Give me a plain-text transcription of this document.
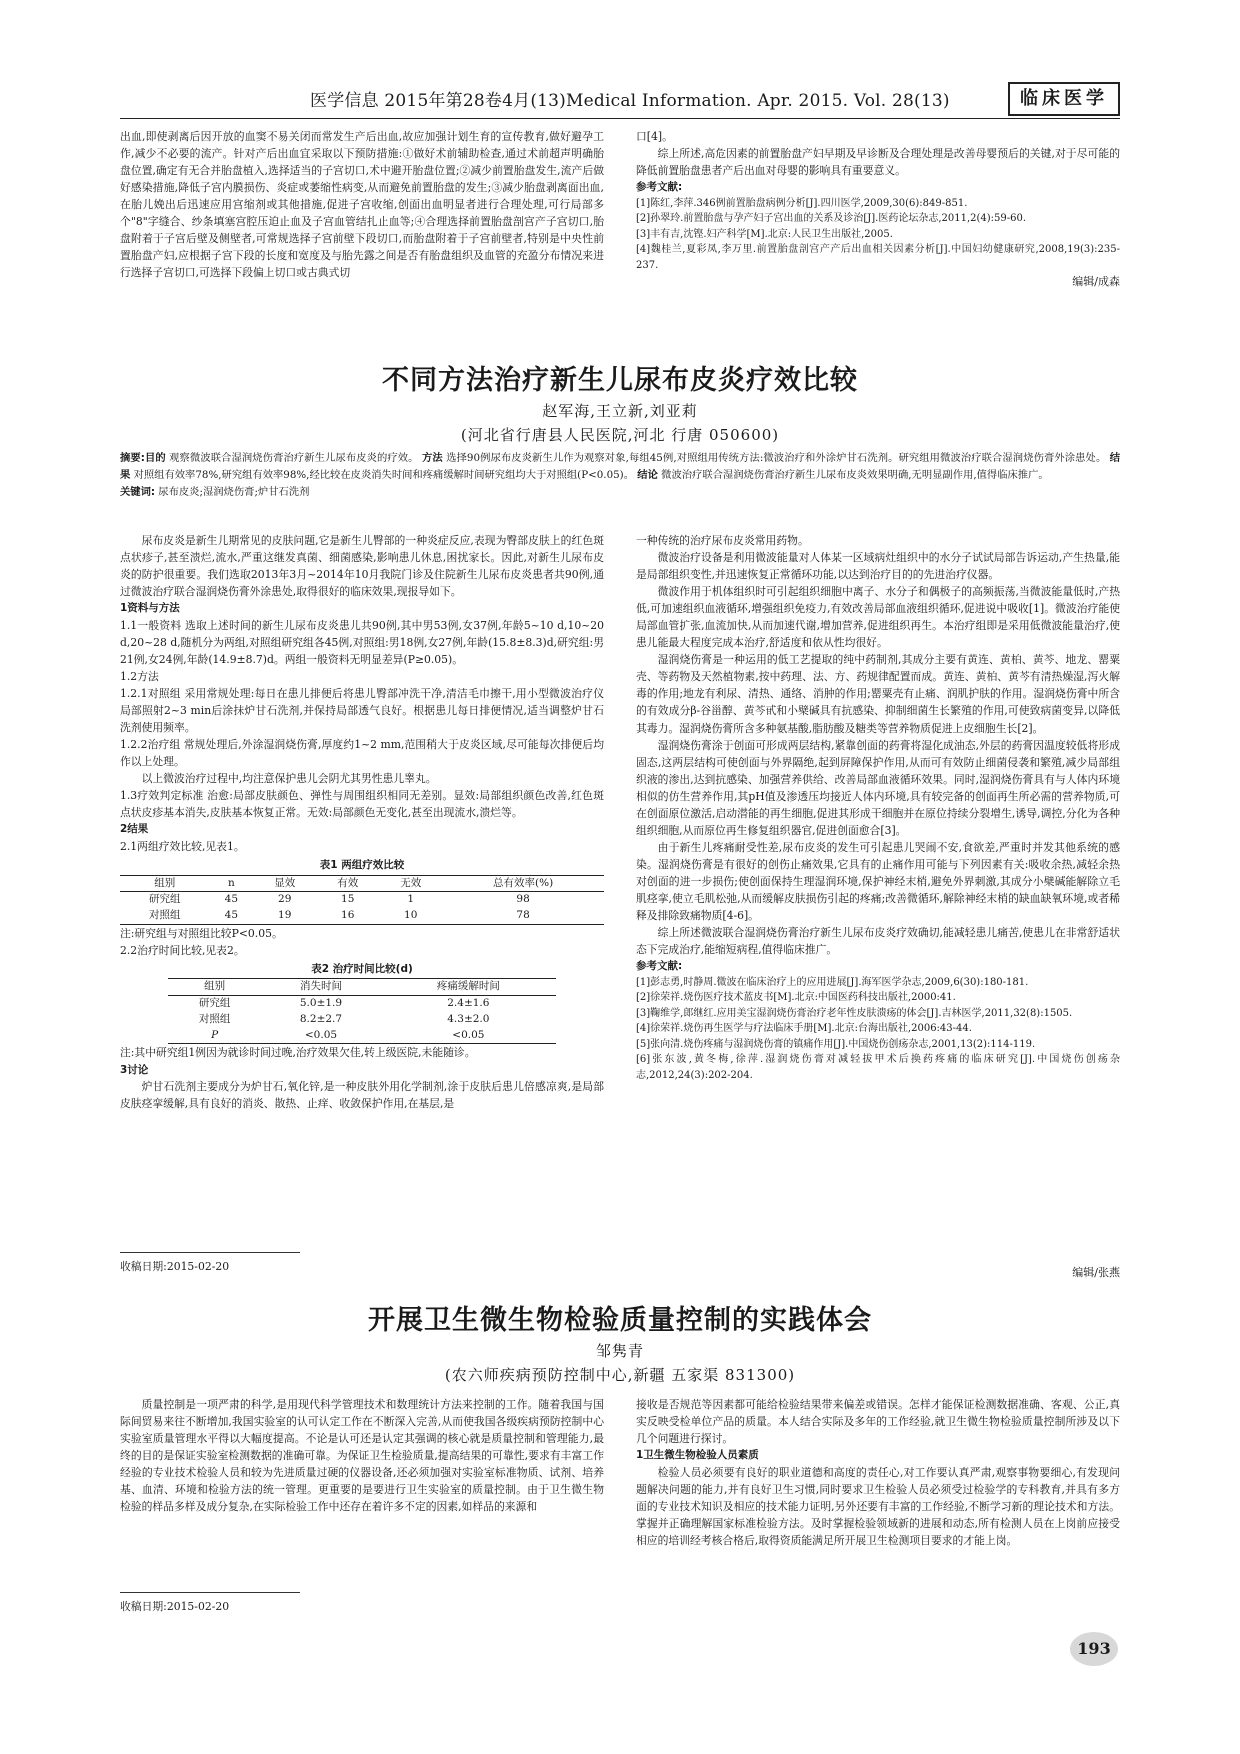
医学信息 2015年第28卷4月(13)Medical Information. Apr. 2015. Vol. 28(13)	临床医学

出血,即使剥离后因开放的血窦不易关闭而常发生产后出血,故应加强计划生育的宣传教育,做好避孕工作,减少不必要的流产。针对产后出血宜采取以下预防措施:①做好术前辅助检查,通过术前超声明确胎盘位置,确定有无合并胎盘植入,选择适当的子宫切口,术中避开胎盘位置;②减少前置胎盘发生,流产后做好感染措施,降低子宫内膜损伤、炎症或萎缩性病变,从而避免前置胎盘的发生;③减少胎盘剥离面出血,在胎儿娩出后迅速应用宫缩剂或其他措施,促进子宫收缩,创面出血明显者进行合理处理,可行局部多个"8"字缝合、纱条填塞宫腔压迫止血及子宫血管结扎止血等;④合理选择前置胎盘剖宫产子宫切口,胎盘附着于子宫后壁及侧壁者,可常规选择子宫前壁下段切口,而胎盘附着于子宫前壁者,特别是中央性前置胎盘产妇,应根据子宫下段的长度和宽度及与胎先露之间是否有胎盘组织及血管的充盈分布情况来进行选择子宫切口,可选择下段偏上切口或古典式切

口[4]。

综上所述,高危因素的前置胎盘产妇早期及早诊断及合理处理是改善母婴预后的关键,对于尽可能的降低前置胎盘患者产后出血对母婴的影响具有重要意义。

参考文献:

[1]陈红,李萍.346例前置胎盘病例分析[J].四川医学,2009,30(6):849-851.

[2]孙翠玲.前置胎盘与孕产妇子宫出血的关系及诊治[J].医药论坛杂志,2011,2(4):59-60.

[3]丰有吉,沈铿.妇产科学[M].北京:人民卫生出版社,2005.

[4]魏桂兰,夏彩凤,李万里.前置胎盘剖宫产产后出血相关因素分析[J].中国妇幼健康研究,2008,19(3):235-237.

编辑/成森

不同方法治疗新生儿尿布皮炎疗效比较
赵军海,王立新,刘亚莉
(河北省行唐县人民医院,河北 行唐 050600)
摘要:目的 观察微波联合湿润烧伤膏治疗新生儿尿布皮炎的疗效。 方法 选择90例尿布皮炎新生儿作为观察对象,每组45例,对照组用传统方法:微波治疗和外涂炉甘石洗剂。研究组用微波治疗联合湿润烧伤膏外涂患处。 结果 对照组有效率78%,研究组有效率98%,经比较在皮炎消失时间和疼痛缓解时间研究组均大于对照组(P<0.05)。 结论 微波治疗联合湿润烧伤膏治疗新生儿尿布皮炎效果明确,无明显副作用,值得临床推广。
关键词: 尿布皮炎;湿润烧伤膏;炉甘石洗剂

尿布皮炎是新生儿期常见的皮肤问题,它是新生儿臀部的一种炎症反应,表现为臀部皮肤上的红色斑点状疹子,甚至溃烂,流水,严重这继发真菌、细菌感染,影响患儿休息,困扰家长。因此,对新生儿尿布皮炎的防护很重要。我们选取2013年3月~2014年10月我院门诊及住院新生儿尿布皮炎患者共90例,通过微波治疗联合湿润烧伤膏外涂患处,取得很好的临床效果,现报导如下。

1资料与方法

1.1一般资料 选取上述时间的新生儿尿布皮炎患儿共90例,其中男53例,女37例,年龄5~10 d,10~20 d,20~28 d,随机分为两组,对照组研究组各45例,对照组:男18例,女27例,年龄(15.8±8.3)d,研究组:男21例,女24例,年龄(14.9±8.7)d。两组一般资料无明显差异(P≥0.05)。

1.2方法

1.2.1对照组 采用常规处理:每日在患儿排便后将患儿臀部冲洗干净,清洁毛巾擦干,用小型微波治疗仪局部照射2~3 min后涂抹炉甘石洗剂,并保持局部透气良好。根据患儿每日排便情况,适当调整炉甘石洗剂使用频率。

1.2.2治疗组 常规处理后,外涂湿润烧伤膏,厚度约1~2 mm,范围稍大于皮炎区域,尽可能每次排便后均作以上处理。

以上微波治疗过程中,均注意保护患儿会阴尤其男性患儿睾丸。

1.3疗效判定标准 治愈:局部皮肤颜色、弹性与周围组织相同无差别。显效:局部组织颜色改善,红色斑点状皮疹基本消失,皮肤基本恢复正常。无效:局部颜色无变化,甚至出现流水,溃烂等。

2结果

2.1两组疗效比较,见表1。

表1 两组疗效比较
组别	n	显效	有效	无效	总有效率(%)
研究组	45	29	15	1	98
对照组	45	19	16	10	78

注:研究组与对照组比较P<0.05。

2.2治疗时间比较,见表2。

表2 治疗时间比较(d)
组别	消失时间	疼痛缓解时间
研究组	5.0±1.9	2.4±1.6
对照组	8.2±2.7	4.3±2.0
P	<0.05	<0.05

注:其中研究组1例因为就诊时间过晚,治疗效果欠佳,转上级医院,未能随诊。

3讨论

炉甘石洗剂主要成分为炉甘石,氧化锌,是一种皮肤外用化学制剂,涂于皮肤后患儿倍感凉爽,是局部皮肤痉挛缓解,具有良好的消炎、散热、止痒、收敛保护作用,在基层,是

收稿日期:2015-02-20

一种传统的治疗尿布皮炎常用药物。

微波治疗设备是利用微波能量对人体某一区域病灶组织中的水分子试试局部告诉运动,产生热量,能是局部组织变性,并迅速恢复正常循环功能,以达到治疗目的的先进治疗仪器。

微波作用于机体组织时可引起组织细胞中离子、水分子和偶极子的高频振荡,当微波能量低时,产热低,可加速组织血液循环,增强组织免疫力,有效改善局部血液组织循环,促进说中吸收[1]。微波治疗能使局部血管扩张,血流加快,从而加速代谢,增加营养,促进组织再生。本治疗组即是采用低微波能量治疗,使患儿能最大程度完成本治疗,舒适度和依从性均很好。

湿润烧伤膏是一种运用的低工艺提取的纯中药制剂,其成分主要有黄连、黄柏、黄芩、地龙、罂粟壳、等药物及天然植物素,按中药理、法、方、药规律配置而成。黄连、黄柏、黄芩有清热燥湿,泻火解毒的作用;地龙有利尿、清热、通络、消肿的作用;罂粟壳有止痛、润肌护肤的作用。湿润烧伤膏中所含的有效成分β-谷甾醇、黄芩甙和小檗碱具有抗感染、抑制细菌生长繁殖的作用,可使致病菌变异,以降低其毒力。湿润烧伤膏所含多种氨基酸,脂肪酸及糖类等营养物质促进上皮细胞生长[2]。

湿润烧伤膏涂于创面可形成两层结构,紧靠创面的药膏将湿化成油态,外层的药膏因温度较低将形成固态,这两层结构可使创面与外界隔绝,起到屏障保护作用,从而可有效防止细菌侵袭和繁殖,减少局部组织液的渗出,达到抗感染、加强营养供给、改善局部血液循环效果。同时,湿润烧伤膏具有与人体内环境相似的仿生营养作用,其pH值及渗透压均接近人体内环境,具有较完备的创面再生所必需的营养物质,可在创面原位激活,启动潜能的再生细胞,促进其形成干细胞并在原位持续分裂增生,诱导,调控,分化为各种组织细胞,从而原位再生修复组织器官,促进创面愈合[3]。

由于新生儿疼痛耐受性差,尿布皮炎的发生可引起患儿哭闹不安,食欲差,严重时并发其他系统的感染。湿润烧伤膏是有很好的创伤止痛效果,它具有的止痛作用可能与下列因素有关:吸收余热,减轻余热对创面的进一步损伤;使创面保持生理湿润环境,保护神经末梢,避免外界刺激,其成分小檗碱能解除立毛肌痉挛,使立毛肌松弛,从而缓解皮肤损伤引起的疼痛;改善微循环,解除神经末梢的缺血缺氧环境,或者稀释及排除致痛物质[4-6]。

综上所述微波联合湿润烧伤膏治疗新生儿尿布皮炎疗效确切,能减轻患儿痛苦,使患儿在非常舒适状态下完成治疗,能缩短病程,值得临床推广。

参考文献:

[1]彭志勇,时静周.微波在临床治疗上的应用进展[J].海军医学杂志,2009,6(30):180-181.

[2]徐荣祥.烧伤医疗技术蓝皮书[M].北京:中国医药科技出版社,2000:41.

[3]鞠维学,郎继红.应用美宝湿润烧伤膏治疗老年性皮肤溃疡的体会[J].吉林医学,2011,32(8):1505.

[4]徐荣祥.烧伤再生医学与疗法临床手册[M].北京:台海出版社,2006:43-44.

[5]张向清.烧伤疼痛与湿润烧伤膏的镇痛作用[J].中国烧伤创疡杂志,2001,13(2):114-119.

[6]张东波,黄冬梅,徐萍.湿润烧伤膏对减轻拔甲术后换药疼痛的临床研究[J].中国烧伤创疡杂志,2012,24(3):202-204.

编辑/张燕
开展卫生微生物检验质量控制的实践体会
邹隽青
(农六师疾病预防控制中心,新疆 五家渠 831300)

质量控制是一项严肃的科学,是用现代科学管理技术和数理统计方法来控制的工作。随着我国与国际间贸易来往不断增加,我国实验室的认可认定工作在不断深入完善,从而使我国各级疾病预防控制中心实验室质量管理水平得以大幅度提高。不论是认可还是认定其强调的核心就是质量控制和管理能力,最终的目的是保证实验室检测数据的准确可靠。为保证卫生检验质量,提高结果的可靠性,要求有丰富工作经验的专业技术检验人员和较为先进质量过硬的仪器设备,还必须加强对实验室标准物质、试剂、培养基、血清、环境和检验方法的统一管理。更重要的是要进行卫生实验室的质量控制。由于卫生微生物检验的样品多样及成分复杂,在实际检验工作中还存在着许多不定的因素,如样品的来源和

收稿日期:2015-02-20

接收是否规范等因素都可能给检验结果带来偏差或错误。怎样才能保证检测数据准确、客观、公正,真实反映受检单位产品的质量。本人结合实际及多年的工作经验,就卫生微生物检验质量控制所涉及以下几个问题进行探讨。

1卫生微生物检验人员素质

检验人员必须要有良好的职业道德和高度的责任心,对工作要认真严肃,观察事物要细心,有发现问题解决问题的能力,并有良好卫生习惯,同时要求卫生检验人员必须受过检验学的专科教育,并具有多方面的专业技术知识及相应的技术能力证明,另外还要有丰富的工作经验,不断学习新的理论技术和方法。掌握并正确理解国家标准检验方法。及时掌握检验领域新的进展和动态,所有检测人员在上岗前应接受相应的培训经考核合格后,取得资质能满足所开展卫生检测项目要求的才能上岗。

193
